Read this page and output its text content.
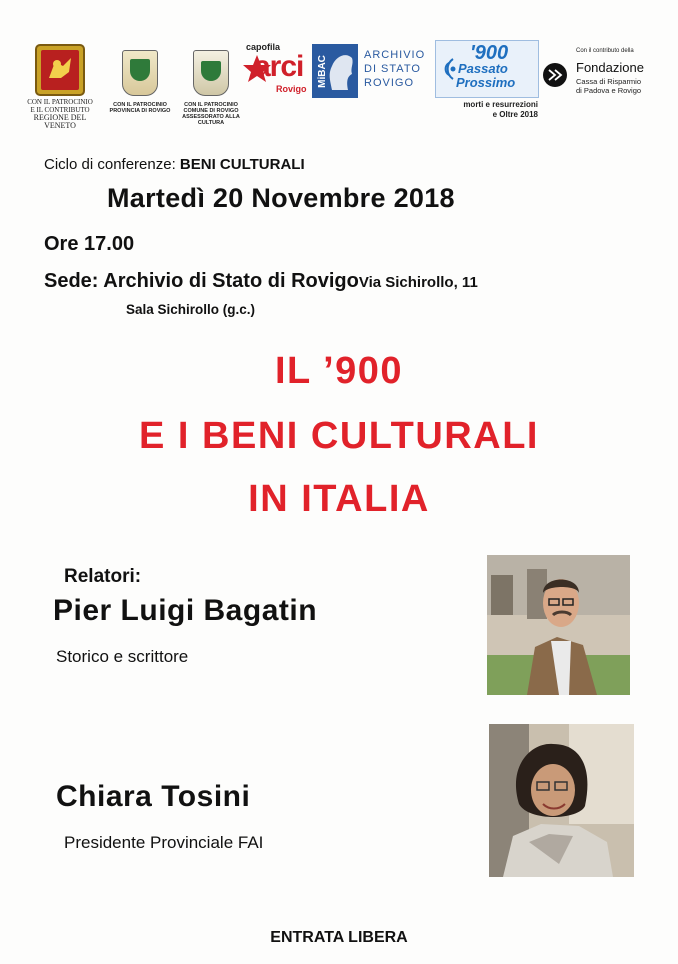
CON IL PATROCINIO
E IL CONTRIBUTO
REGIONE DEL VENETO
CON IL PATROCINIO
PROVINCIA DI ROVIGO
CON IL PATROCINIO
COMUNE DI ROVIGO
ASSESSORATO ALLA CULTURA
capofila
arci
Rovigo
MiBAC
ARCHIVIO
DI STATO
ROVIGO
'900
Passato
Prossimo
morti e resurrezioni
e Oltre 2018
Con il contributo della
Fondazione
Cassa di Risparmio
di Padova e Rovigo
Ciclo di conferenze: BENI CULTURALI
Martedì 20 Novembre 2018
Ore 17.00
Sede: Archivio di Stato di RovigoVia Sichirollo, 11
Sala Sichirollo (g.c.)
IL ’900
E I BENI CULTURALI
IN ITALIA
Relatori:
Pier Luigi Bagatin
Storico e scrittore
Chiara Tosini
Presidente Provinciale FAI
ENTRATA LIBERA
